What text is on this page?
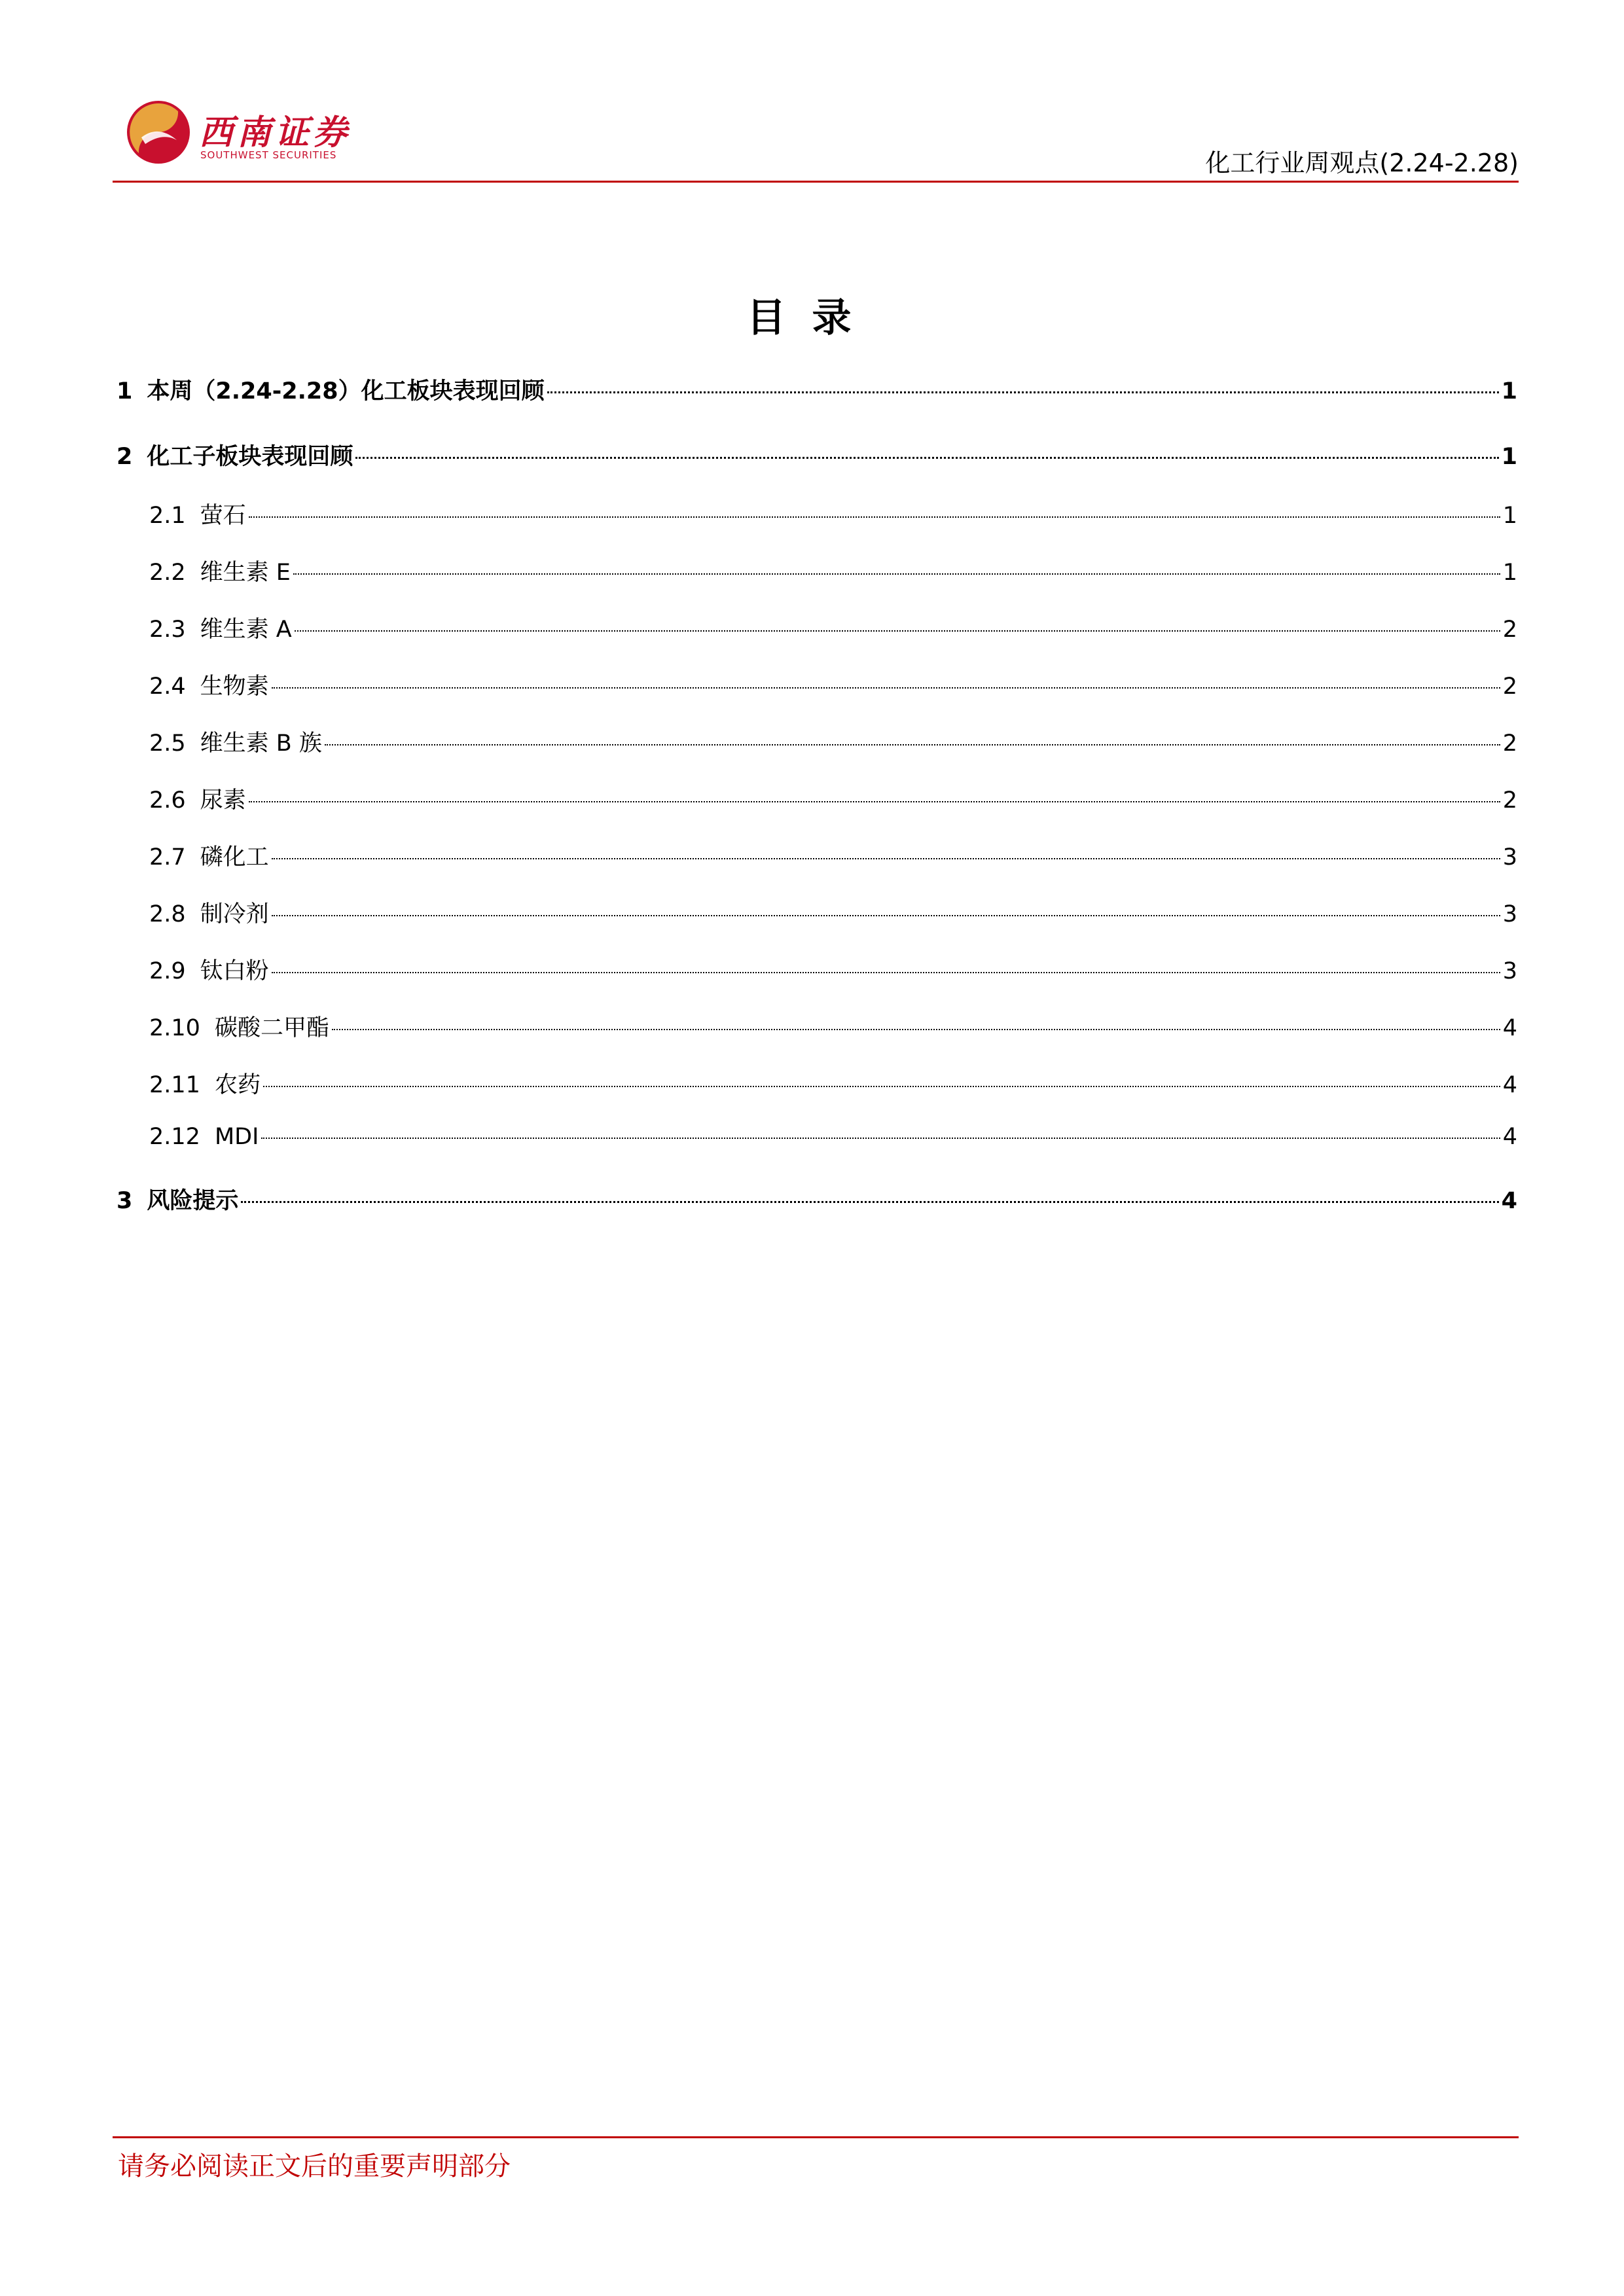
西南证券
SOUTHWEST SECURITIES	化工行业周观点(2.24-2.28)
目录
1 本周（2.24-2.28）化工板块表现回顾	1
2 化工子板块表现回顾	1
2.1 萤石	1
2.2 维生素 E	1
2.3 维生素 A	2
2.4 生物素	2
2.5 维生素 B 族	2
2.6 尿素	2
2.7 磷化工	3
2.8 制冷剂	3
2.9 钛白粉	3
2.10 碳酸二甲酯	4
2.11 农药	4
2.12 MDI	4
3 风险提示	4
请务必阅读正文后的重要声明部分
